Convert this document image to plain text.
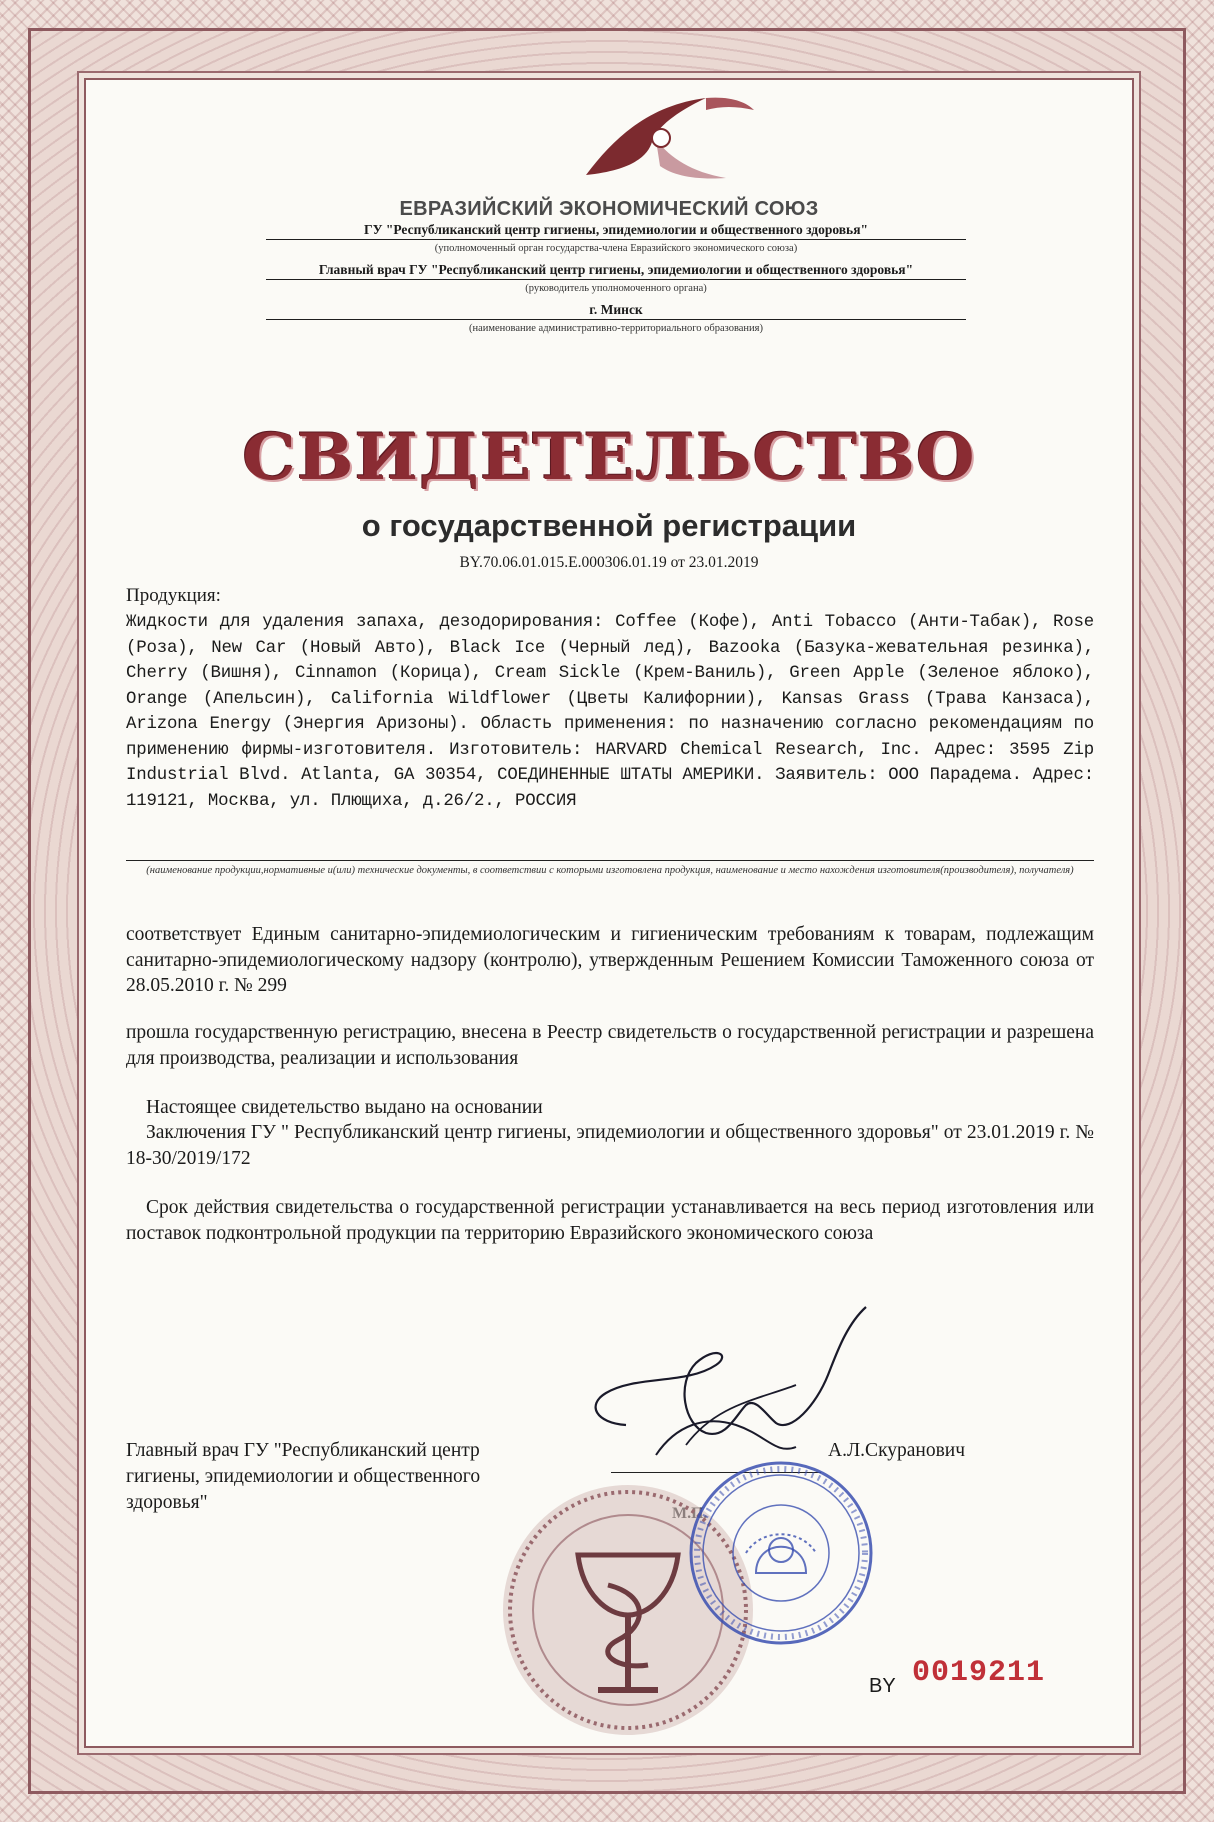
ЕВРАЗИЙСКИЙ ЭКОНОМИЧЕСКИЙ СОЮЗ
ГУ "Республиканский центр гигиены, эпидемиологии и общественного здоровья"
(уполномоченный орган государства-члена Евразийского экономического союза)
Главный врач ГУ "Республиканский центр гигиены, эпидемиологии и общественного здоровья"
(руководитель уполномоченного органа)
г. Минск
(наименование административно-территориального образования)
СВИДЕТЕЛЬСТВО
о государственной регистрации
BY.70.06.01.015.E.000306.01.19 от 23.01.2019
Продукция:
Жидкости для удаления запаха, дезодорирования: Coffee (Кофе), Anti Tobacco (Анти-Табак), Rose (Роза), New Car (Новый Авто), Black Ice (Черный лед), Bazooka (Базука-жевательная резинка), Cherry (Вишня), Cinnamon (Корица), Cream Sickle (Крем-Ваниль), Green Apple (Зеленое яблоко), Orange (Апельсин), California Wildflower (Цветы Калифорнии), Kansas Grass (Трава Канзаса), Arizona Energy (Энергия Аризоны). Область применения: по назначению согласно рекомендациям по применению фирмы-изготовителя. Изготовитель: HARVARD Chemical Research, Inc. Адрес: 3595 Zip Industrial Blvd. Atlanta, GA 30354, СОЕДИНЕННЫЕ ШТАТЫ АМЕРИКИ. Заявитель: ООО Парадема. Адрес: 119121, Москва, ул. Плющиха, д.26/2., РОССИЯ
(наименование продукции,нормативные и(или) технические документы, в соответствии с которыми изготовлена продукция, наименование и место нахождения изготовителя(производителя), получателя)
соответствует Единым санитарно-эпидемиологическим и гигиеническим требованиям к товарам, подлежащим санитарно-эпидемиологическому надзору (контролю), утвержденным Решением Комиссии Таможенного союза от 28.05.2010 г. № 299
прошла государственную регистрацию, внесена в Реестр свидетельств о государственной регистрации и разрешена для производства, реализации и использования
Настоящее свидетельство выдано на основании
Заключения ГУ " Республиканский центр гигиены, эпидемиологии и общественного здоровья" от 23.01.2019 г. № 18-30/2019/172
Срок действия свидетельства о государственной регистрации устанавливается на весь период изготовления или поставок подконтрольной продукции па территорию Евразийского экономического союза
Главный врач ГУ "Республиканский центр гигиены, эпидемиологии и общественного здоровья"
А.Л.Скуранович
BY 0019211
